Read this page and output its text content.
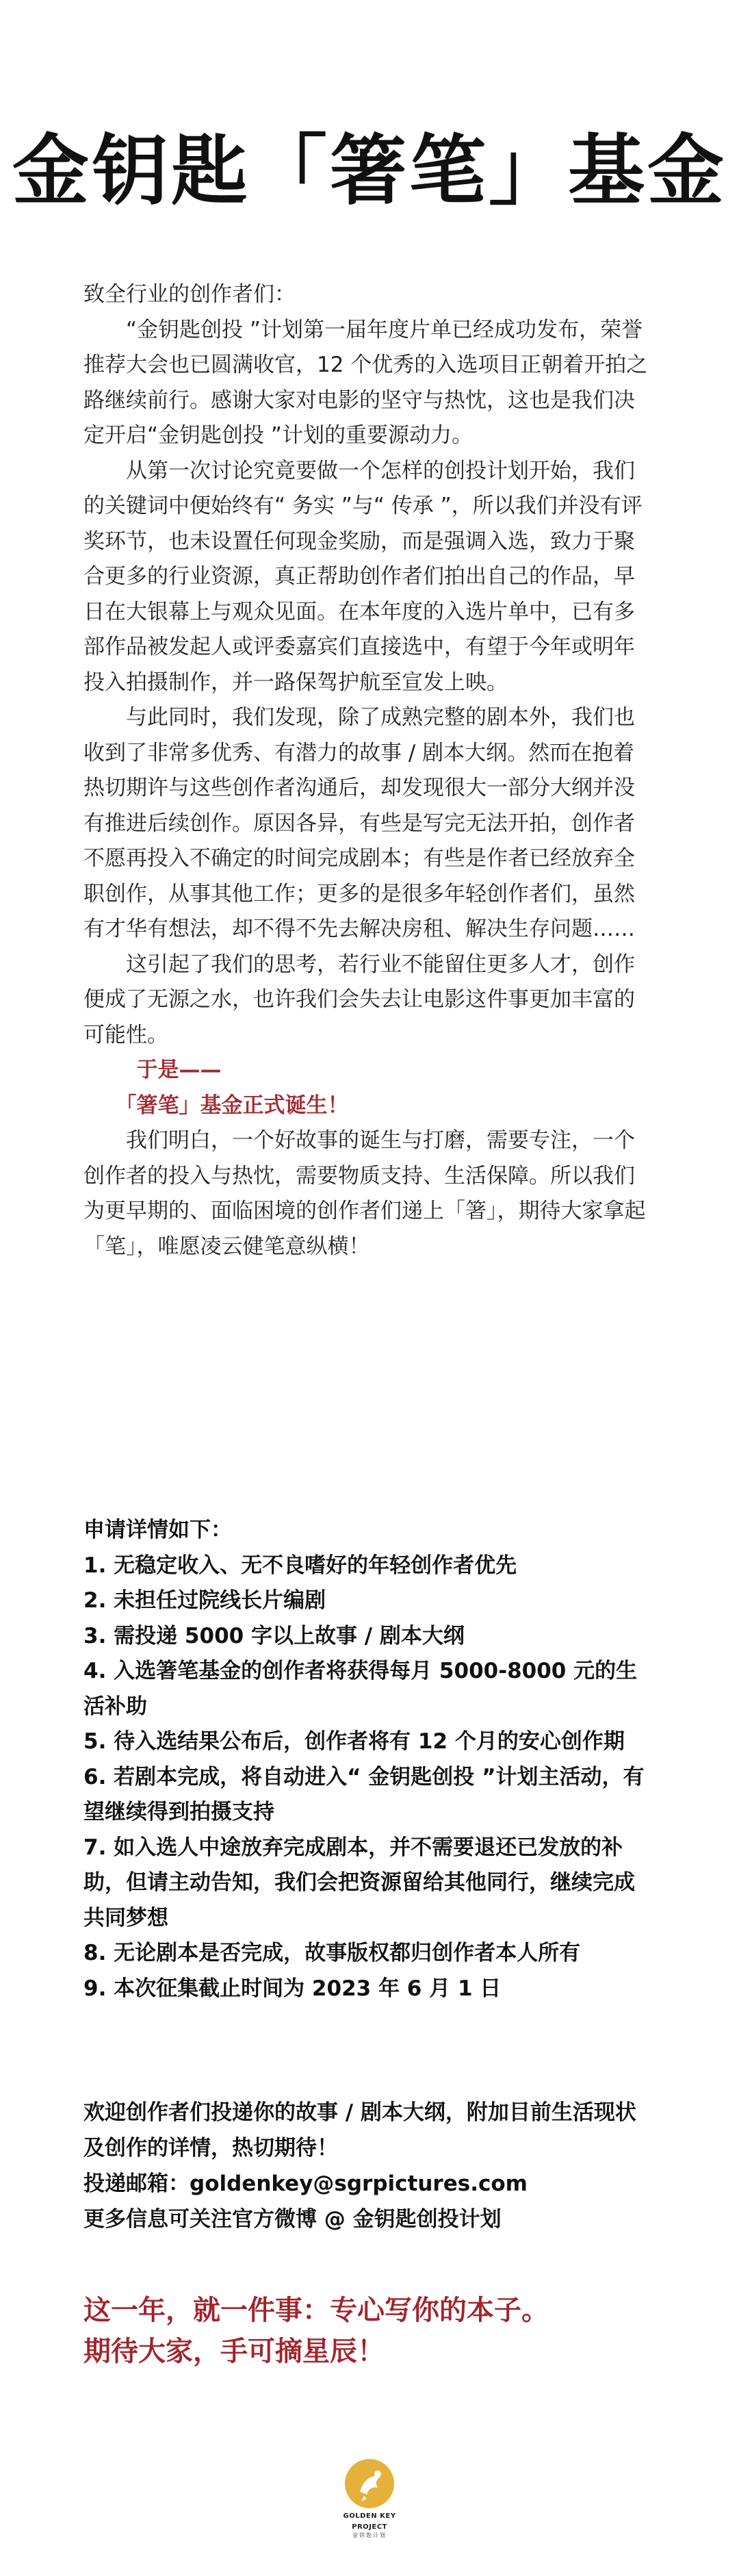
金钥匙「箸笔」基金

致全行业的创作者们：

“金钥匙创投 ”计划第一届年度片单已经成功发布，荣誉推荐大会也已圆满收官，12 个优秀的入选项目正朝着开拍之路继续前行。感谢大家对电影的坚守与热忱，这也是我们决定开启“金钥匙创投 ”计划的重要源动力。

从第一次讨论究竟要做一个怎样的创投计划开始，我们的关键词中便始终有“ 务实 ”与“ 传承 ”，所以我们并没有评奖环节，也未设置任何现金奖励，而是强调入选，致力于聚合更多的行业资源，真正帮助创作者们拍出自己的作品，早日在大银幕上与观众见面。在本年度的入选片单中，已有多部作品被发起人或评委嘉宾们直接选中，有望于今年或明年投入拍摄制作，并一路保驾护航至宣发上映。

与此同时，我们发现，除了成熟完整的剧本外，我们也收到了非常多优秀、有潜力的故事 / 剧本大纲。然而在抱着热切期许与这些创作者沟通后，却发现很大一部分大纲并没有推进后续创作。原因各异，有些是写完无法开拍，创作者不愿再投入不确定的时间完成剧本；有些是作者已经放弃全职创作，从事其他工作；更多的是很多年轻创作者们，虽然有才华有想法，却不得不先去解决房租、解决生存问题……

这引起了我们的思考，若行业不能留住更多人才，创作便成了无源之水，也许我们会失去让电影这件事更加丰富的可能性。

于是——

「箸笔」基金正式诞生！

我们明白，一个好故事的诞生与打磨，需要专注，一个创作者的投入与热忱，需要物质支持、生活保障。所以我们为更早期的、面临困境的创作者们递上「箸」，期待大家拿起「笔」，唯愿凌云健笔意纵横！

申请详情如下：

1. 无稳定收入、无不良嗜好的年轻创作者优先
2. 未担任过院线长片编剧
3. 需投递 5000 字以上故事 / 剧本大纲
4. 入选箸笔基金的创作者将获得每月 5000-8000 元的生活补助
5. 待入选结果公布后，创作者将有 12 个月的安心创作期
6. 若剧本完成，将自动进入“ 金钥匙创投 ”计划主活动，有望继续得到拍摄支持
7. 如入选人中途放弃完成剧本，并不需要退还已发放的补助，但请主动告知，我们会把资源留给其他同行，继续完成共同梦想
8. 无论剧本是否完成，故事版权都归创作者本人所有
9. 本次征集截止时间为 2023 年 6 月 1 日

欢迎创作者们投递你的故事 / 剧本大纲，附加目前生活现状及创作的详情，热切期待！

投递邮箱：goldenkey@sgrpictures.com

更多信息可关注官方微博 @ 金钥匙创投计划

这一年，就一件事：专心写你的本子。

期待大家，手可摘星辰！

GOLDEN KEY
PROJECT
金钥匙计划
